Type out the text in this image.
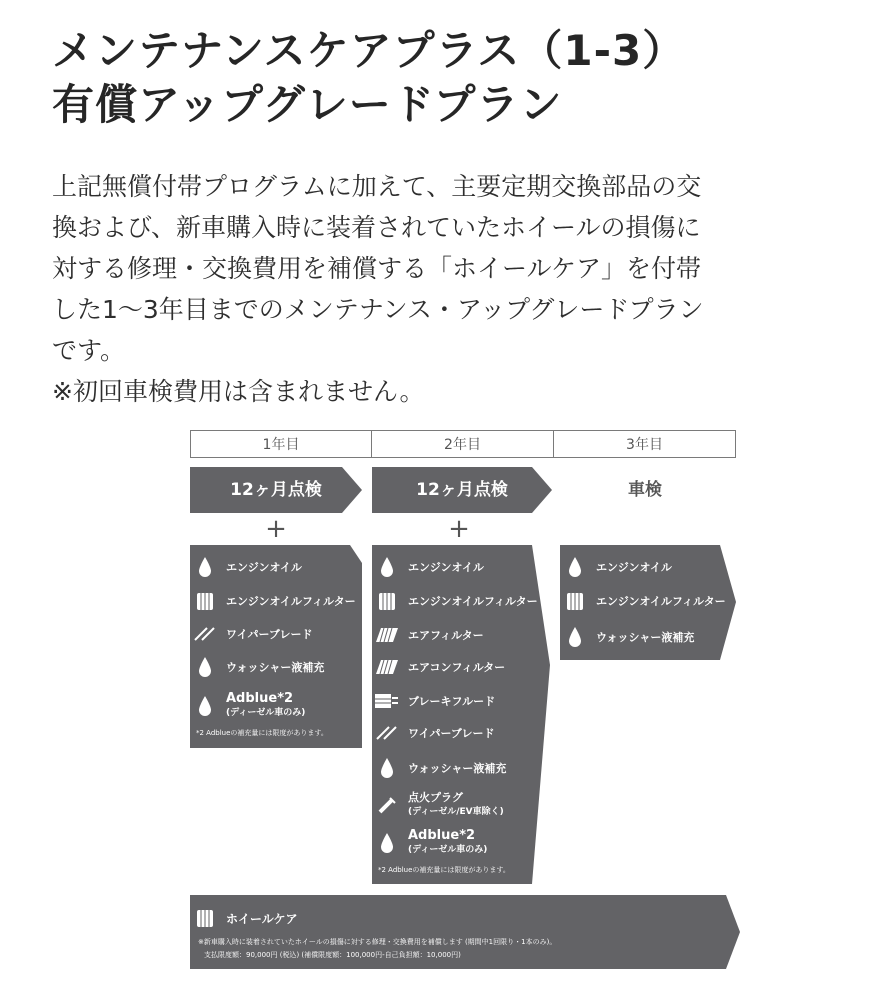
メンテナンスケアプラス（1-3）
有償アップグレードプラン
上記無償付帯プログラムに加えて、主要定期交換部品の交
換および、新車購入時に装着されていたホイールの損傷に
対する修理・交換費用を補償する「ホイールケア」を付帯
した1〜3年目までのメンテナンス・アップグレードプラン
です。
※初回車検費用は含まれません。
1年目	2年目	3年目
12ヶ月点検	12ヶ月点検	車検
+	+
エンジンオイル
エンジンオイルフィルター
ワイパーブレード
ウォッシャー液補充
Adblue*2
(ディーゼル車のみ)
*2 Adblueの補充量には限度があります。
エンジンオイル
エンジンオイルフィルター
エアフィルター
エアコンフィルター
ブレーキフルード
ワイパーブレード
ウォッシャー液補充
点火プラグ
(ディーゼル/EV車除く)
Adblue*2
(ディーゼル車のみ)
*2 Adblueの補充量には限度があります。
エンジンオイル
エンジンオイルフィルター
ウォッシャー液補充
ホイールケア
※新車購入時に装着されていたホイールの損傷に対する修理・交換費用を補償します (期間中1回限り・1本のみ)。
支払限度額：90,000円 (税込) (補償限度額：100,000円-自己負担額：10,000円)
